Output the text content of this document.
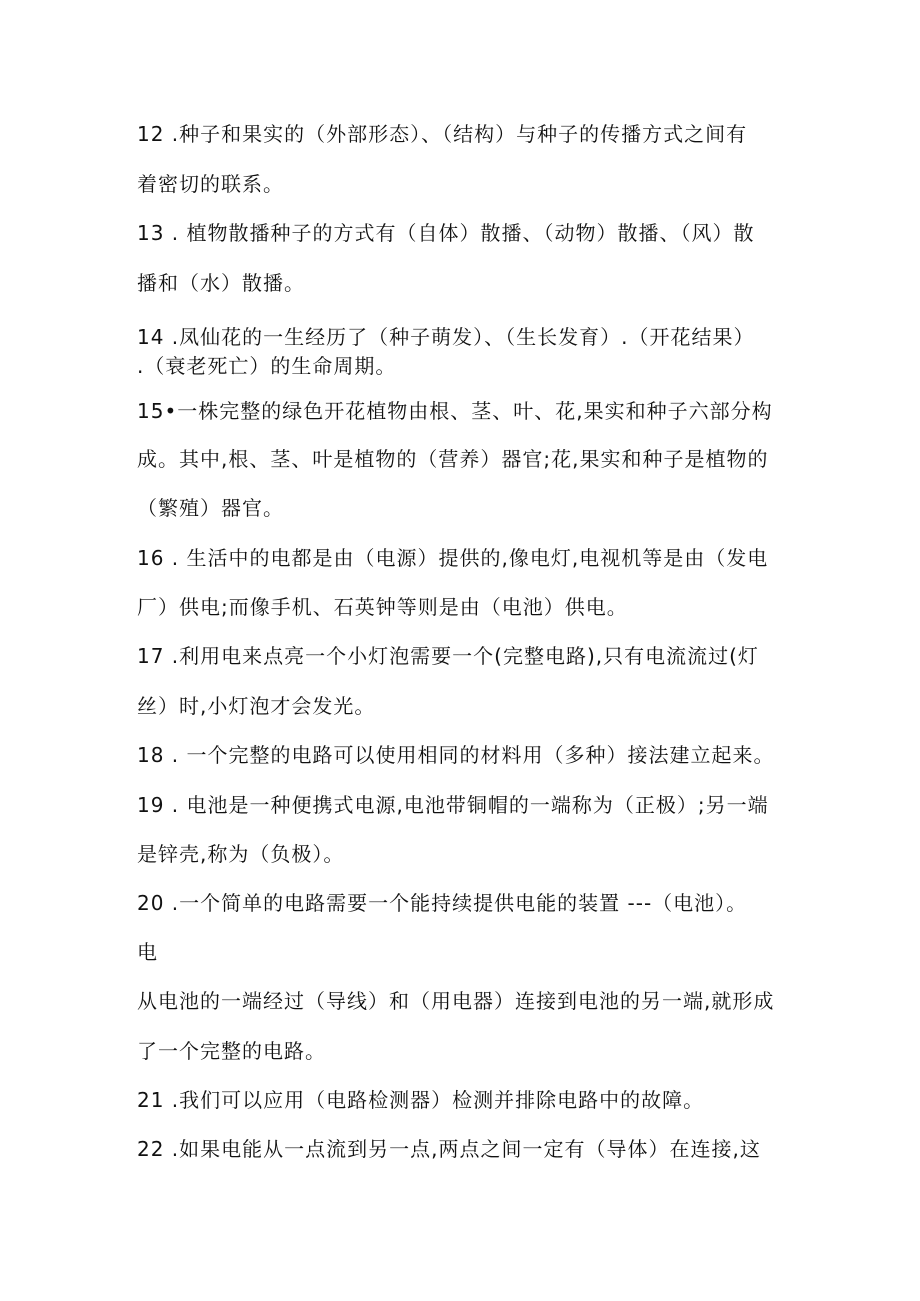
12 .种子和果实的（外部形态）、（结构）与种子的传播方式之间有
着密切的联系。
13 . 植物散播种子的方式有（自体）散播、（动物）散播、（风）散
播和（水）散播。
14 .凤仙花的一生经历了（种子萌发）、（生长发育）.（开花结果）
.（衰老死亡）的生命周期。
15•一株完整的绿色开花植物由根、茎、叶、花,果实和种子六部分构
成。其中,根、茎、叶是植物的（营养）器官;花,果实和种子是植物的
（繁殖）器官。
16 . 生活中的电都是由（电源）提供的,像电灯,电视机等是由（发电
厂）供电;而像手机、石英钟等则是由（电池）供电。
17 .利用电来点亮一个小灯泡需要一个(完整电路),只有电流流过(灯
丝）时,小灯泡才会发光。
18 . 一个完整的电路可以使用相同的材料用（多种）接法建立起来。
19 . 电池是一种便携式电源,电池带铜帽的一端称为（正极）;另一端
是锌壳,称为（负极）。
20 .一个简单的电路需要一个能持续提供电能的装置 ---（电池）。
电
从电池的一端经过（导线）和（用电器）连接到电池的另一端,就形成
了一个完整的电路。
21 .我们可以应用（电路检测器）检测并排除电路中的故障。
22 .如果电能从一点流到另一点,两点之间一定有（导体）在连接,这
